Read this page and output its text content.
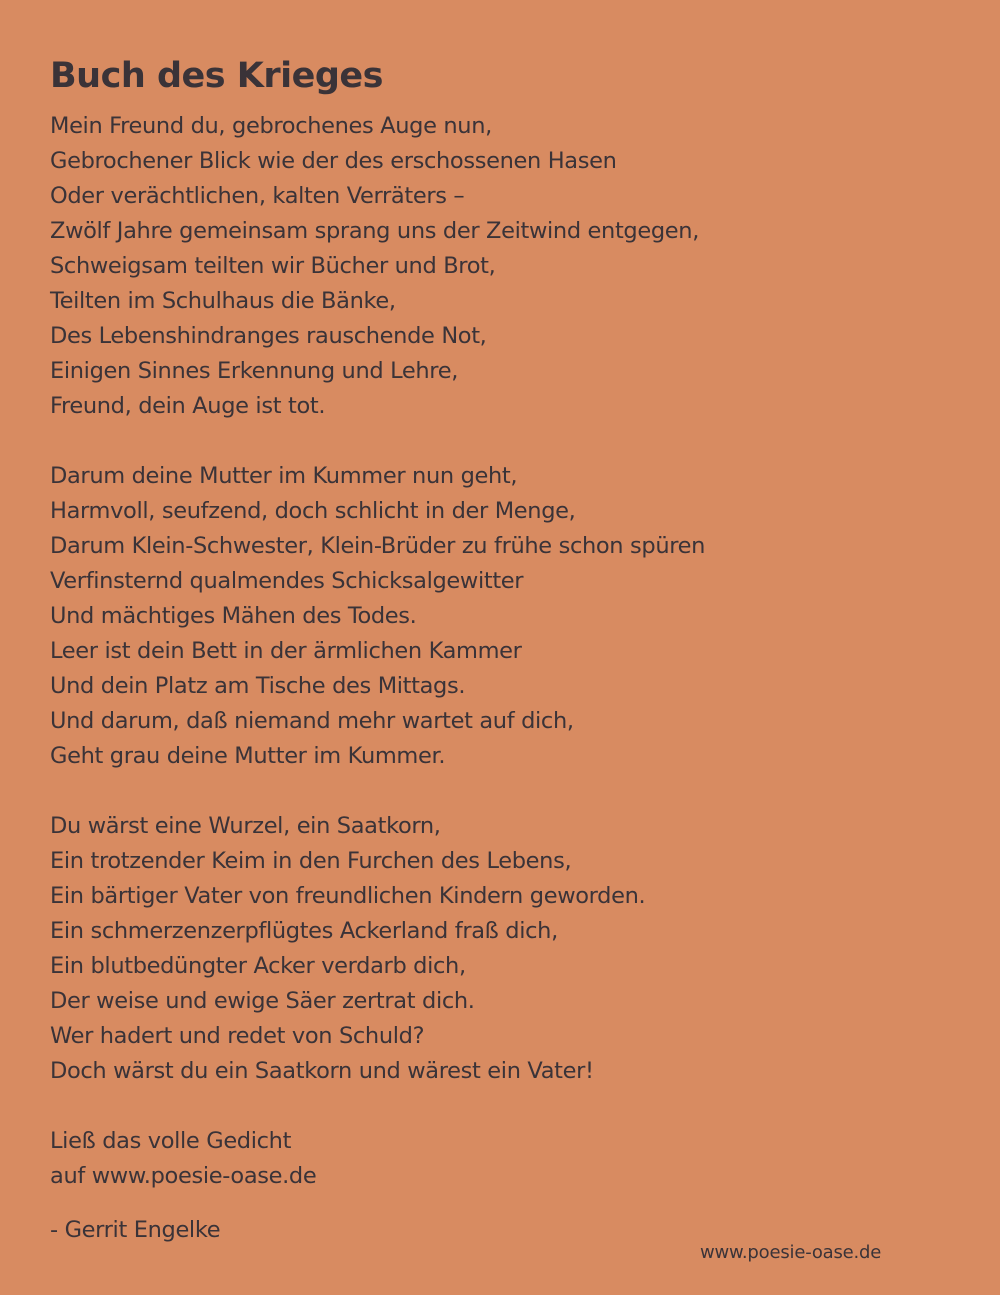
Buch des Krieges
Mein Freund du, gebrochenes Auge nun,
Gebrochener Blick wie der des erschossenen Hasen
Oder verächtlichen, kalten Verräters –
Zwölf Jahre gemeinsam sprang uns der Zeitwind entgegen,
Schweigsam teilten wir Bücher und Brot,
Teilten im Schulhaus die Bänke,
Des Lebenshindranges rauschende Not,
Einigen Sinnes Erkennung und Lehre,
Freund, dein Auge ist tot.
Darum deine Mutter im Kummer nun geht,
Harmvoll, seufzend, doch schlicht in der Menge,
Darum Klein-Schwester, Klein-Brüder zu frühe schon spüren
Verfinsternd qualmendes Schicksalgewitter
Und mächtiges Mähen des Todes.
Leer ist dein Bett in der ärmlichen Kammer
Und dein Platz am Tische des Mittags.
Und darum, daß niemand mehr wartet auf dich,
Geht grau deine Mutter im Kummer.
Du wärst eine Wurzel, ein Saatkorn,
Ein trotzender Keim in den Furchen des Lebens,
Ein bärtiger Vater von freundlichen Kindern geworden.
Ein schmerzenzerpflügtes Ackerland fraß dich,
Ein blutbedüngter Acker verdarb dich,
Der weise und ewige Säer zertrat dich.
Wer hadert und redet von Schuld?
Doch wärst du ein Saatkorn und wärest ein Vater!
Ließ das volle Gedicht
auf www.poesie-oase.de
- Gerrit Engelke
www.poesie-oase.de
